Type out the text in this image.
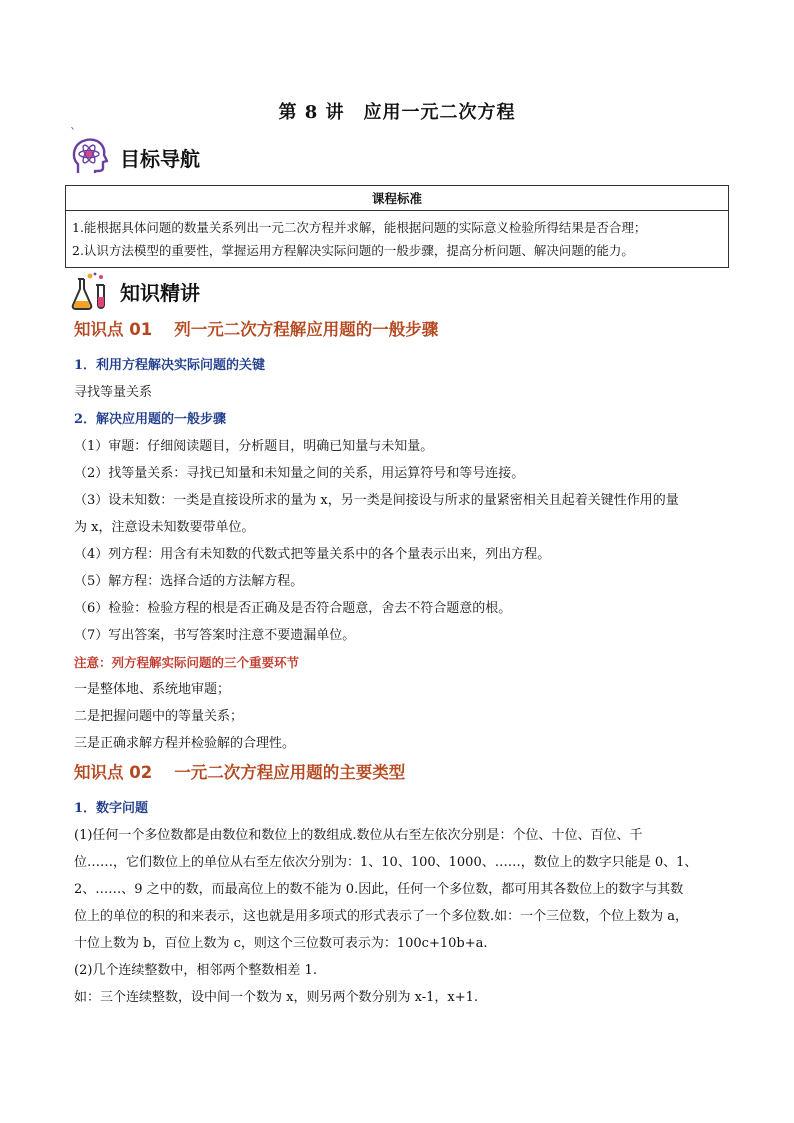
第 8 讲　应用一元二次方程
`
目标导航
课程标准

1.能根据具体问题的数量关系列出一元二次方程并求解，能根据问题的实际意义检验所得结果是否合理；
2.认识方法模型的重要性，掌握运用方程解决实际问题的一般步骤，提高分析问题、解决问题的能力。
知识精讲
知识点 01 列一元二次方程解应用题的一般步骤
1．利用方程解决实际问题的关键
寻找等量关系
2．解决应用题的一般步骤
（1）审题：仔细阅读题目，分析题目，明确已知量与未知量。
（2）找等量关系：寻找已知量和未知量之间的关系，用运算符号和等号连接。
（3）设未知数：一类是直接设所求的量为 x，另一类是间接设与所求的量紧密相关且起着关键性作用的量
为 x，注意设未知数要带单位。
（4）列方程：用含有未知数的代数式把等量关系中的各个量表示出来，列出方程。
（5）解方程：选择合适的方法解方程。
（6）检验：检验方程的根是否正确及是否符合题意，舍去不符合题意的根。
（7）写出答案，书写答案时注意不要遗漏单位。
注意：列方程解实际问题的三个重要环节
一是整体地、系统地审题；
二是把握问题中的等量关系；
三是正确求解方程并检验解的合理性。
知识点 02 一元二次方程应用题的主要类型
1．数字问题
(1)任何一个多位数都是由数位和数位上的数组成.数位从右至左依次分别是：个位、十位、百位、千
位……，它们数位上的单位从右至左依次分别为：1、10、100、1000、……，数位上的数字只能是 0、1、
2、……、9 之中的数，而最高位上的数不能为 0.因此，任何一个多位数，都可用其各数位上的数字与其数
位上的单位的积的和来表示，这也就是用多项式的形式表示了一个多位数.如：一个三位数，个位上数为 a，
十位上数为 b，百位上数为 c，则这个三位数可表示为：100c+10b+a.
(2)几个连续整数中，相邻两个整数相差 1.
如：三个连续整数，设中间一个数为 x，则另两个数分别为 x-1，x+1.
